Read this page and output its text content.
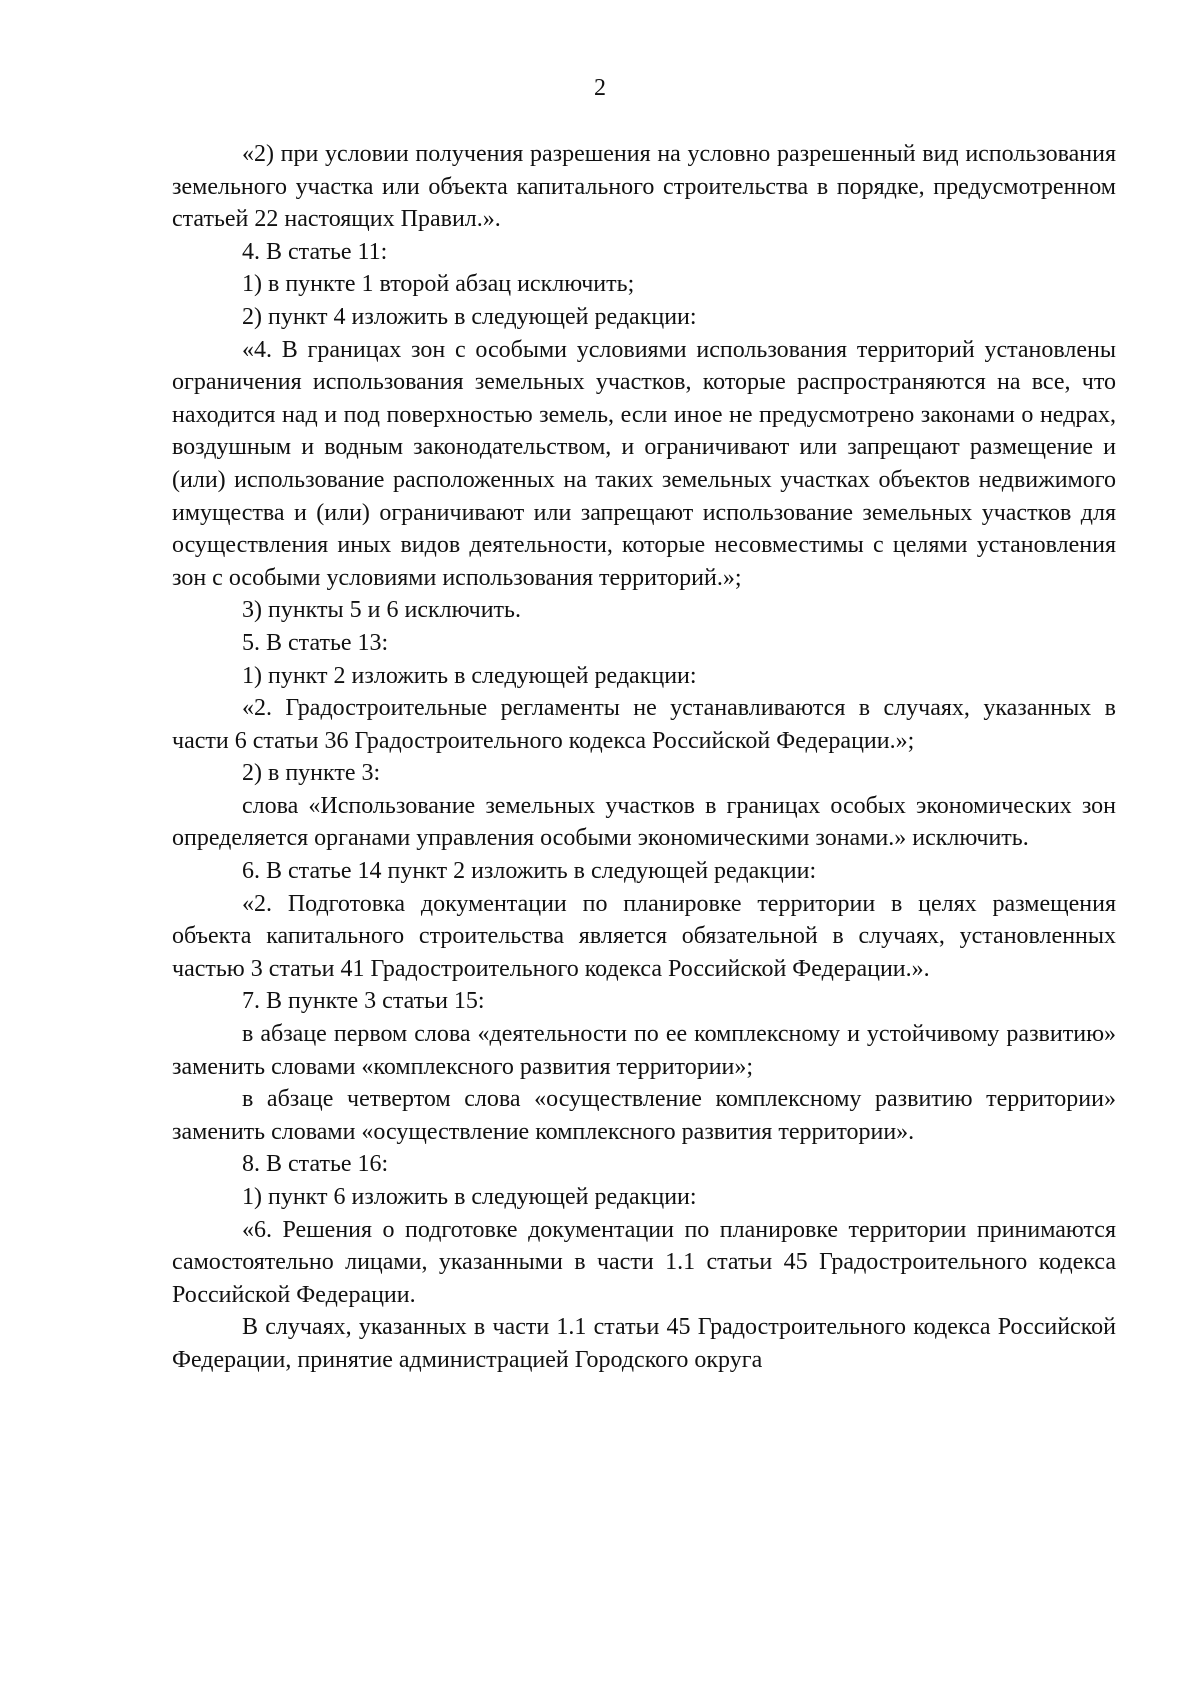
2

«2) при условии получения разрешения на условно разрешенный вид использования земельного участка или объекта капитального строительства в порядке, предусмотренном статьей 22 настоящих Правил.».

4. В статье 11:

1) в пункте 1 второй абзац исключить;

2) пункт 4 изложить в следующей редакции:

«4. В границах зон с особыми условиями использования территорий установлены ограничения использования земельных участков, которые распространяются на все, что находится над и под поверхностью земель, если иное не предусмотрено законами о недрах, воздушным и водным законодательством, и ограничивают или запрещают размещение и (или) использование расположенных на таких земельных участках объектов недвижимого имущества и (или) ограничивают или запрещают использование земельных участков для осуществления иных видов деятельности, которые несовместимы с целями установления зон с особыми условиями использования территорий.»;

3) пункты 5 и 6 исключить.

5. В статье 13:

1) пункт 2 изложить в следующей редакции:

«2. Градостроительные регламенты не устанавливаются в случаях, указанных в части 6 статьи 36 Градостроительного кодекса Российской Федерации.»;

2) в пункте 3:

слова «Использование земельных участков в границах особых экономических зон определяется органами управления особыми экономическими зонами.» исключить.

6. В статье 14 пункт 2 изложить в следующей редакции:

«2. Подготовка документации по планировке территории в целях размещения объекта капитального строительства является обязательной в случаях, установленных частью 3 статьи 41 Градостроительного кодекса Российской Федерации.».

7. В пункте 3 статьи 15:

в абзаце первом слова «деятельности по ее комплексному и устойчивому развитию» заменить словами «комплексного развития территории»;

в абзаце четвертом слова «осуществление комплексному развитию территории» заменить словами «осуществление комплексного развития территории».

8. В статье 16:

1) пункт 6 изложить в следующей редакции:

«6. Решения о подготовке документации по планировке территории принимаются самостоятельно лицами, указанными в части 1.1 статьи 45 Градостроительного кодекса Российской Федерации.

В случаях, указанных в части 1.1 статьи 45 Градостроительного кодекса Российской Федерации, принятие администрацией Городского округа
